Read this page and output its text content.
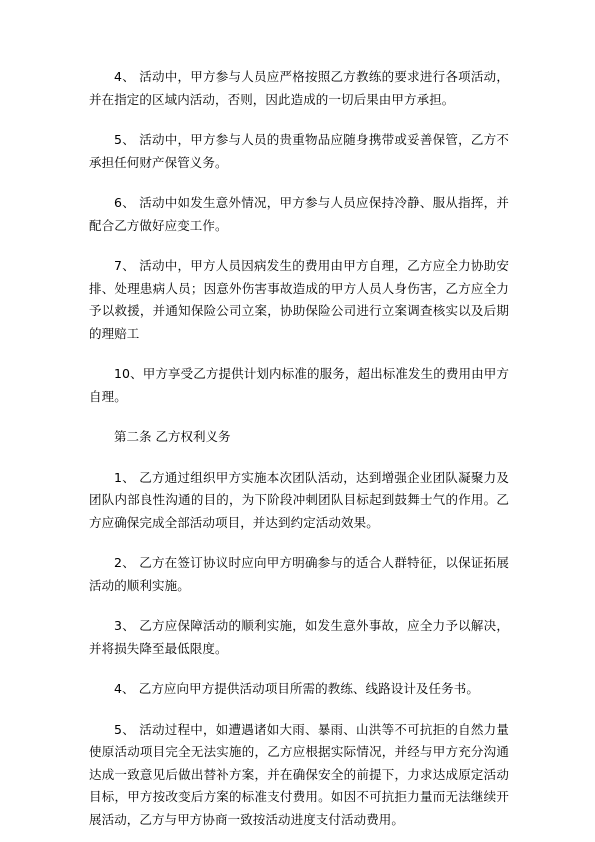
4、 活动中，甲方参与人员应严格按照乙方教练的要求进行各项活动，并在指定的区域内活动，否则，因此造成的一切后果由甲方承担。

5、 活动中，甲方参与人员的贵重物品应随身携带或妥善保管，乙方不承担任何财产保管义务。

6、 活动中如发生意外情况，甲方参与人员应保持冷静、服从指挥，并配合乙方做好应变工作。

7、 活动中，甲方人员因病发生的费用由甲方自理，乙方应全力协助安排、处理患病人员；因意外伤害事故造成的甲方人员人身伤害，乙方应全力予以救援，并通知保险公司立案，协助保险公司进行立案调查核实以及后期的理赔工

10、甲方享受乙方提供计划内标准的服务，超出标准发生的费用由甲方自理。

第二条 乙方权利义务

1、 乙方通过组织甲方实施本次团队活动，达到增强企业团队凝聚力及团队内部良性沟通的目的，为下阶段冲刺团队目标起到鼓舞士气的作用。乙方应确保完成全部活动项目，并达到约定活动效果。

2、 乙方在签订协议时应向甲方明确参与的适合人群特征，以保证拓展活动的顺利实施。

3、 乙方应保障活动的顺利实施，如发生意外事故，应全力予以解决，并将损失降至最低限度。

4、 乙方应向甲方提供活动项目所需的教练、线路设计及任务书。

5、 活动过程中，如遭遇诸如大雨、暴雨、山洪等不可抗拒的自然力量使原活动项目完全无法实施的，乙方应根据实际情况，并经与甲方充分沟通达成一致意见后做出替补方案，并在确保安全的前提下，力求达成原定活动目标，甲方按改变后方案的标准支付费用。如因不可抗拒力量而无法继续开展活动，乙方与甲方协商一致按活动进度支付活动费用。
